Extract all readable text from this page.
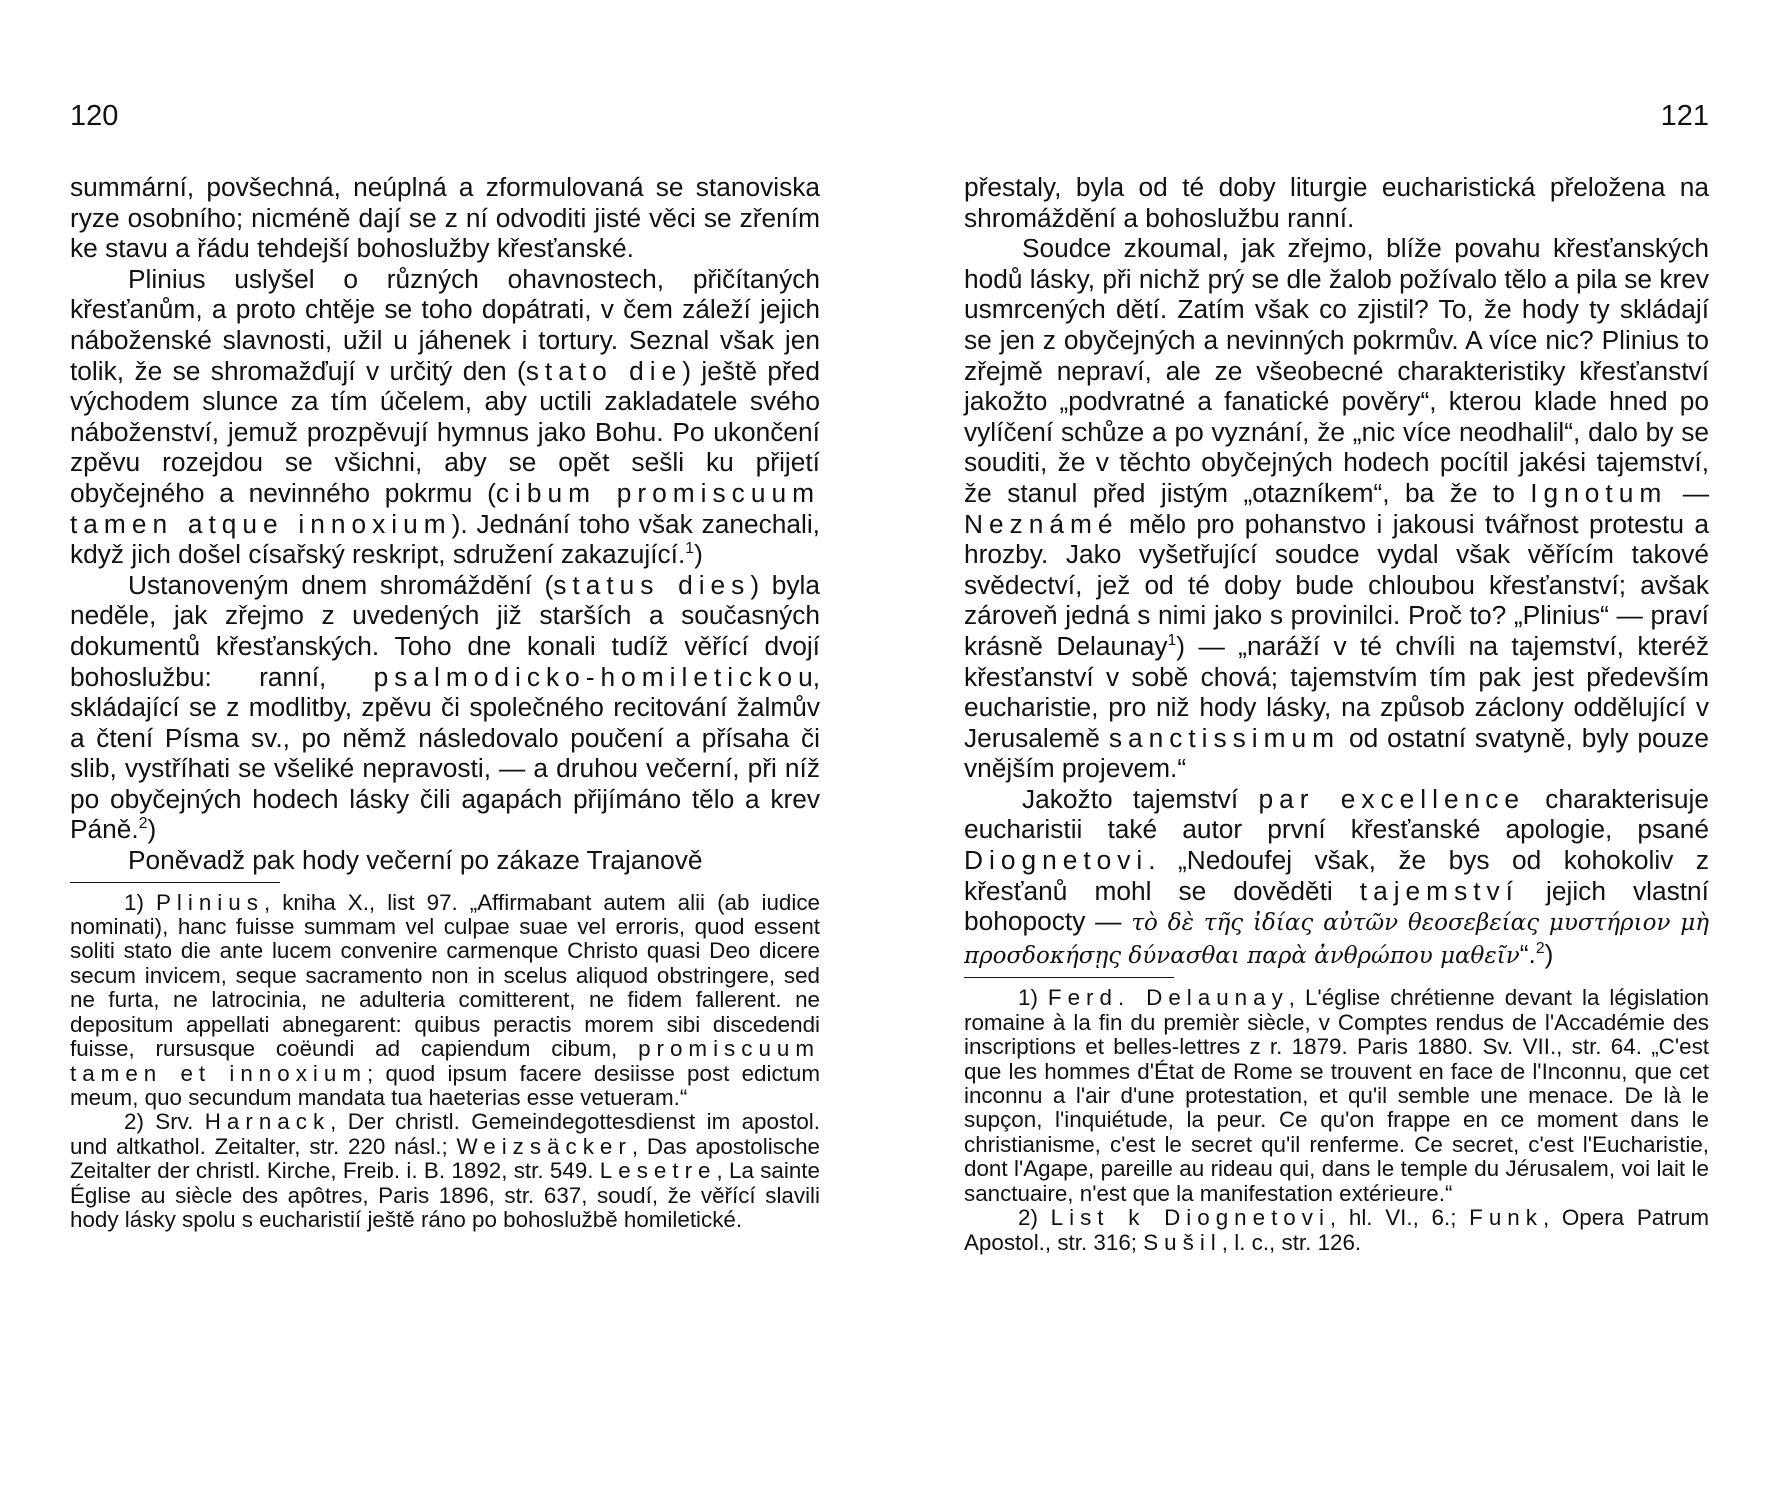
120

summární, povšechná, neúplná a zformulovaná se stanoviska ryze osobního; nicméně dají se z ní odvoditi jisté věci se zřením ke stavu a řádu tehdejší bohoslužby křesťanské.

Plinius uslyšel o různých ohavnostech, přičítaných křesťanům, a proto chtěje se toho dopátrati, v čem záleží jejich náboženské slavnosti, užil u jáhenek i tortury. Seznal však jen tolik, že se shromažďují v určitý den (stato die) ještě před východem slunce za tím účelem, aby uctili zakladatele svého náboženství, jemuž prozpěvují hymnus jako Bohu. Po ukončení zpěvu rozejdou se všichni, aby se opět sešli ku přijetí obyčejného a nevinného pokrmu (cibum promiscuum tamen atque innoxium). Jednání toho však zanechali, když jich došel císařský reskript, sdružení zakazující.$^1$)

Ustanoveným dnem shromáždění (status dies) byla neděle, jak zřejmo z uvedených již starších a současných dokumentů křesťanských. Toho dne konali tudíž věřící dvojí bohoslužbu: ranní, psalmodicko-homiletickou, skládající se z modlitby, zpěvu či společného recitování žalmův a čtení Písma sv., po němž následovalo poučení a přísaha či slib, vystříhati se všeliké nepravosti, — a druhou večerní, při níž po obyčejných hodech lásky čili agapách přijímáno tělo a krev Páně.$^2$)

Poněvadž pak hody večerní po zákaze Trajanově

1) Plinius, kniha X., list 97. „Affirmabant autem alii (ab iudice nominati), hanc fuisse summam vel culpae suae vel erroris, quod essent soliti stato die ante lucem convenire carmenque Christo quasi Deo dicere secum invicem, seque sacramento non in scelus aliquod obstringere, sed ne furta, ne latrocinia, ne adulteria comitterent, ne fidem fallerent. ne depositum appellati abnegarent: quibus peractis morem sibi discedendi fuisse, rursusque coëundi ad capiendum cibum, promiscuum tamen et innoxium; quod ipsum facere desiisse post edictum meum, quo secundum mandata tua haeterias esse vetueram.“

2) Srv. Harnack, Der christl. Gemeindegottesdienst im apostol. und altkathol. Zeitalter, str. 220 násl.; Weizsäcker, Das apostolische Zeitalter der christl. Kirche, Freib. i. B. 1892, str. 549. Lesetre, La sainte Église au siècle des apôtres, Paris 1896, str. 637, soudí, že věřící slavili hody lásky spolu s eucharistií ještě ráno po bohoslužbě homiletické.

121

přestaly, byla od té doby liturgie eucharistická přeložena na shromáždění a bohoslužbu ranní.

Soudce zkoumal, jak zřejmo, blíže povahu křesťanských hodů lásky, při nichž prý se dle žalob požívalo tělo a pila se krev usmrcených dětí. Zatím však co zjistil? To, že hody ty skládají se jen z obyčejných a nevinných pokrmův. A více nic? Plinius to zřejmě nepraví, ale ze všeobecné charakteristiky křesťanství jakožto „podvratné a fanatické pověry“, kterou klade hned po vylíčení schůze a po vyznání, že „nic více neodhalil“, dalo by se souditi, že v těchto obyčejných hodech pocítil jakési tajemství, že stanul před jistým „otazníkem“, ba že to Ignotum — Neznámé mělo pro pohanstvo i jakousi tvářnost protestu a hrozby. Jako vyšetřující soudce vydal však věřícím takové svědectví, jež od té doby bude chloubou křesťanství; avšak zároveň jedná s nimi jako s provinilci. Proč to? „Plinius“ — praví krásně Delaunay$^1$) — „naráží v té chvíli na tajemství, kteréž křesťanství v sobě chová; tajemstvím tím pak jest především eucharistie, pro niž hody lásky, na způsob záclony oddělující v Jerusalemě sanctissimum od ostatní svatyně, byly pouze vnějším projevem.“

Jakožto tajemství par excellence charakterisuje eucharistii také autor první křesťanské apologie, psané Diognetovi. „Nedoufej však, že bys od kohokoliv z křesťanů mohl se dověděti tajemství jejich vlastní bohopocty — τὸ δὲ τῆς ἰδίας αὐτῶν θεοσεβείας μυστήριον μὴ προσδοκήσῃς δύνασθαι παρὰ ἀνθρώπου μαθεῖν“.$^2$)

1) Ferd. Delaunay, L'église chrétienne devant la législation romaine à la fin du premièr siècle, v Comptes rendus de l'Accadémie des inscriptions et belles-lettres z r. 1879. Paris 1880. Sv. VII., str. 64. „C'est que les hommes d'État de Rome se trouvent en face de l'Inconnu, que cet inconnu a l'air d'une protestation, et qu'il semble une menace. De là le supçon, l'inquiétude, la peur. Ce qu'on frappe en ce moment dans le christianisme, c'est le secret qu'il renferme. Ce secret, c'est l'Eucharistie, dont l'Agape, pareille au rideau qui, dans le temple du Jérusalem, voi lait le sanctuaire, n'est que la manifestation extérieure.“

2) List k Diognetovi, hl. VI., 6.; Funk, Opera Patrum Apostol., str. 316; Sušil, l. c., str. 126.
